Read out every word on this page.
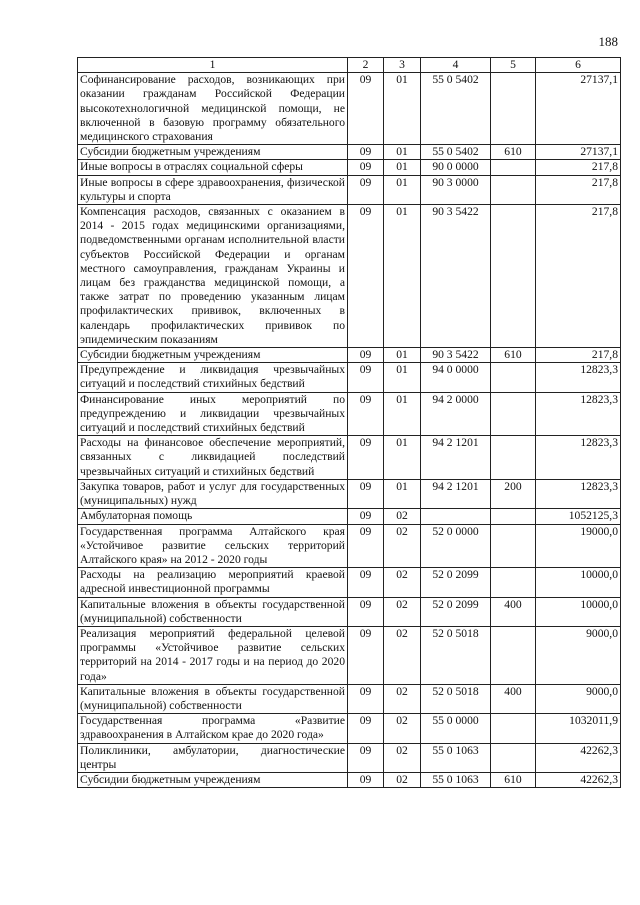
188
1	2	3	4	5	6
Софинансирование расходов, возникающих при оказании гражданам Российской Федерации высокотехнологичной медицинской помощи, не включенной в базовую программу обязательного медицинского страхования	09	01	55 0 5402		27137,1
Субсидии бюджетным учреждениям	09	01	55 0 5402	610	27137,1
Иные вопросы в отраслях социальной сферы	09	01	90 0 0000		217,8
Иные вопросы в сфере здравоохранения, физической культуры и спорта	09	01	90 3 0000		217,8
Компенсация расходов, связанных с оказанием в 2014 - 2015 годах медицинскими организациями, подведомственными органам исполнительной власти субъектов Российской Федерации и органам местного самоуправления, гражданам Украины и лицам без гражданства медицинской помощи, а также затрат по проведению указанным лицам профилактических прививок, включенных в календарь профилактических прививок по эпидемическим показаниям	09	01	90 3 5422		217,8
Субсидии бюджетным учреждениям	09	01	90 3 5422	610	217,8
Предупреждение и ликвидация чрезвычайных ситуаций и последствий стихийных бедствий	09	01	94 0 0000		12823,3
Финансирование иных мероприятий по предупреждению и ликвидации чрезвычайных ситуаций и последствий стихийных бедствий	09	01	94 2 0000		12823,3
Расходы на финансовое обеспечение мероприятий, связанных с ликвидацией последствий чрезвычайных ситуаций и стихийных бедствий	09	01	94 2 1201		12823,3
Закупка товаров, работ и услуг для государственных (муниципальных) нужд	09	01	94 2 1201	200	12823,3
Амбулаторная помощь	09	02			1052125,3
Государственная программа Алтайского края «Устойчивое развитие сельских территорий Алтайского края» на 2012 - 2020 годы	09	02	52 0 0000		19000,0
Расходы на реализацию мероприятий краевой адресной инвестиционной программы	09	02	52 0 2099		10000,0
Капитальные вложения в объекты государственной (муниципальной) собственности	09	02	52 0 2099	400	10000,0
Реализация мероприятий федеральной целевой программы «Устойчивое развитие сельских территорий на 2014 - 2017 годы и на период до 2020 года»	09	02	52 0 5018		9000,0
Капитальные вложения в объекты государственной (муниципальной) собственности	09	02	52 0 5018	400	9000,0
Государственная программа «Развитие здравоохранения в Алтайском крае до 2020 года»	09	02	55 0 0000		1032011,9
Поликлиники, амбулатории, диагностические центры	09	02	55 0 1063		42262,3
Субсидии бюджетным учреждениям	09	02	55 0 1063	610	42262,3
